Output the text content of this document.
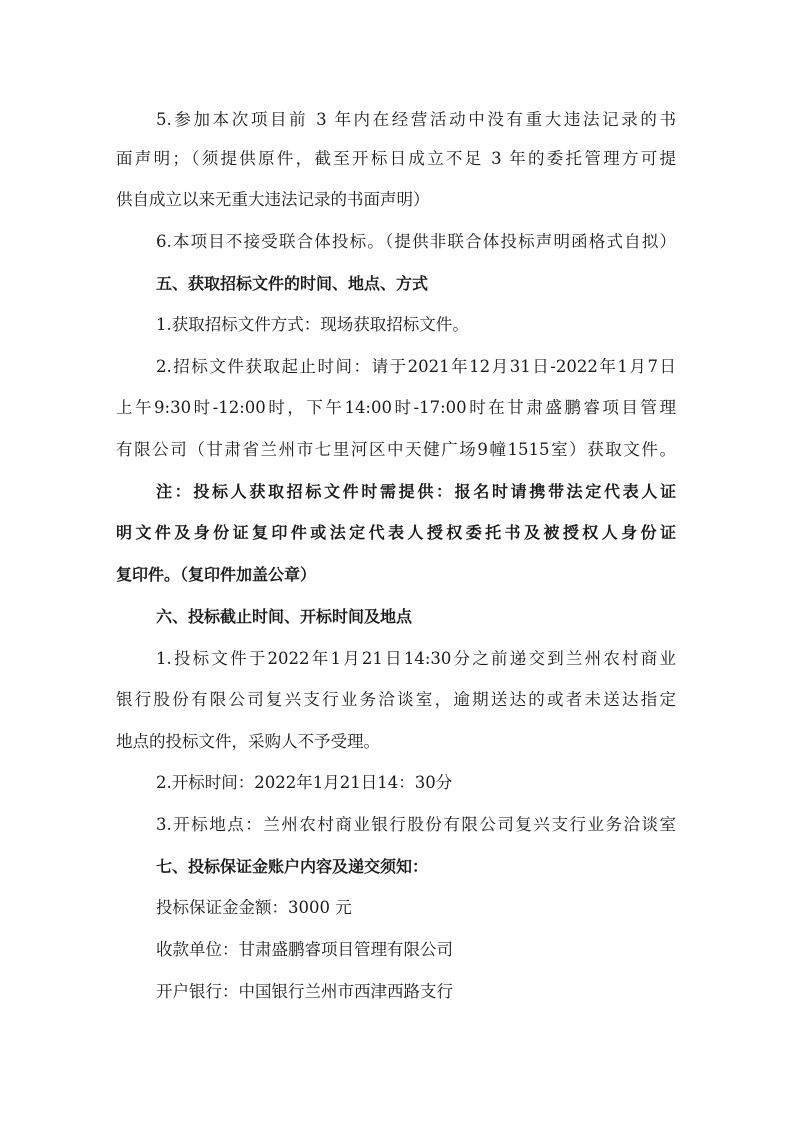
5.参加本次项目前 3 年内在经营活动中没有重大违法记录的书
面声明；（须提供原件，截至开标日成立不足 3 年的委托管理方可提
供自成立以来无重大违法记录的书面声明）
6.本项目不接受联合体投标。（提供非联合体投标声明函格式自拟）
五、获取招标文件的时间、地点、方式
1.获取招标文件方式：现场获取招标文件。
2.招标文件获取起止时间：请于2021年12月31日-2022年1月7日
上午9:30时-12:00时，下午14:00时-17:00时在甘肃盛鹏睿项目管理
有限公司（甘肃省兰州市七里河区中天健广场9幢1515室）获取文件。
注：投标人获取招标文件时需提供：报名时请携带法定代表人证
明文件及身份证复印件或法定代表人授权委托书及被授权人身份证
复印件。（复印件加盖公章）
六、投标截止时间、开标时间及地点
1.投标文件于2022年1月21日14:30分之前递交到兰州农村商业
银行股份有限公司复兴支行业务洽谈室，逾期送达的或者未送达指定
地点的投标文件，采购人不予受理。
2.开标时间：2022年1月21日14：30分
3.开标地点：兰州农村商业银行股份有限公司复兴支行业务洽谈室
七、投标保证金账户内容及递交须知：
投标保证金金额：3000 元
收款单位：甘肃盛鹏睿项目管理有限公司
开户银行：中国银行兰州市西津西路支行
